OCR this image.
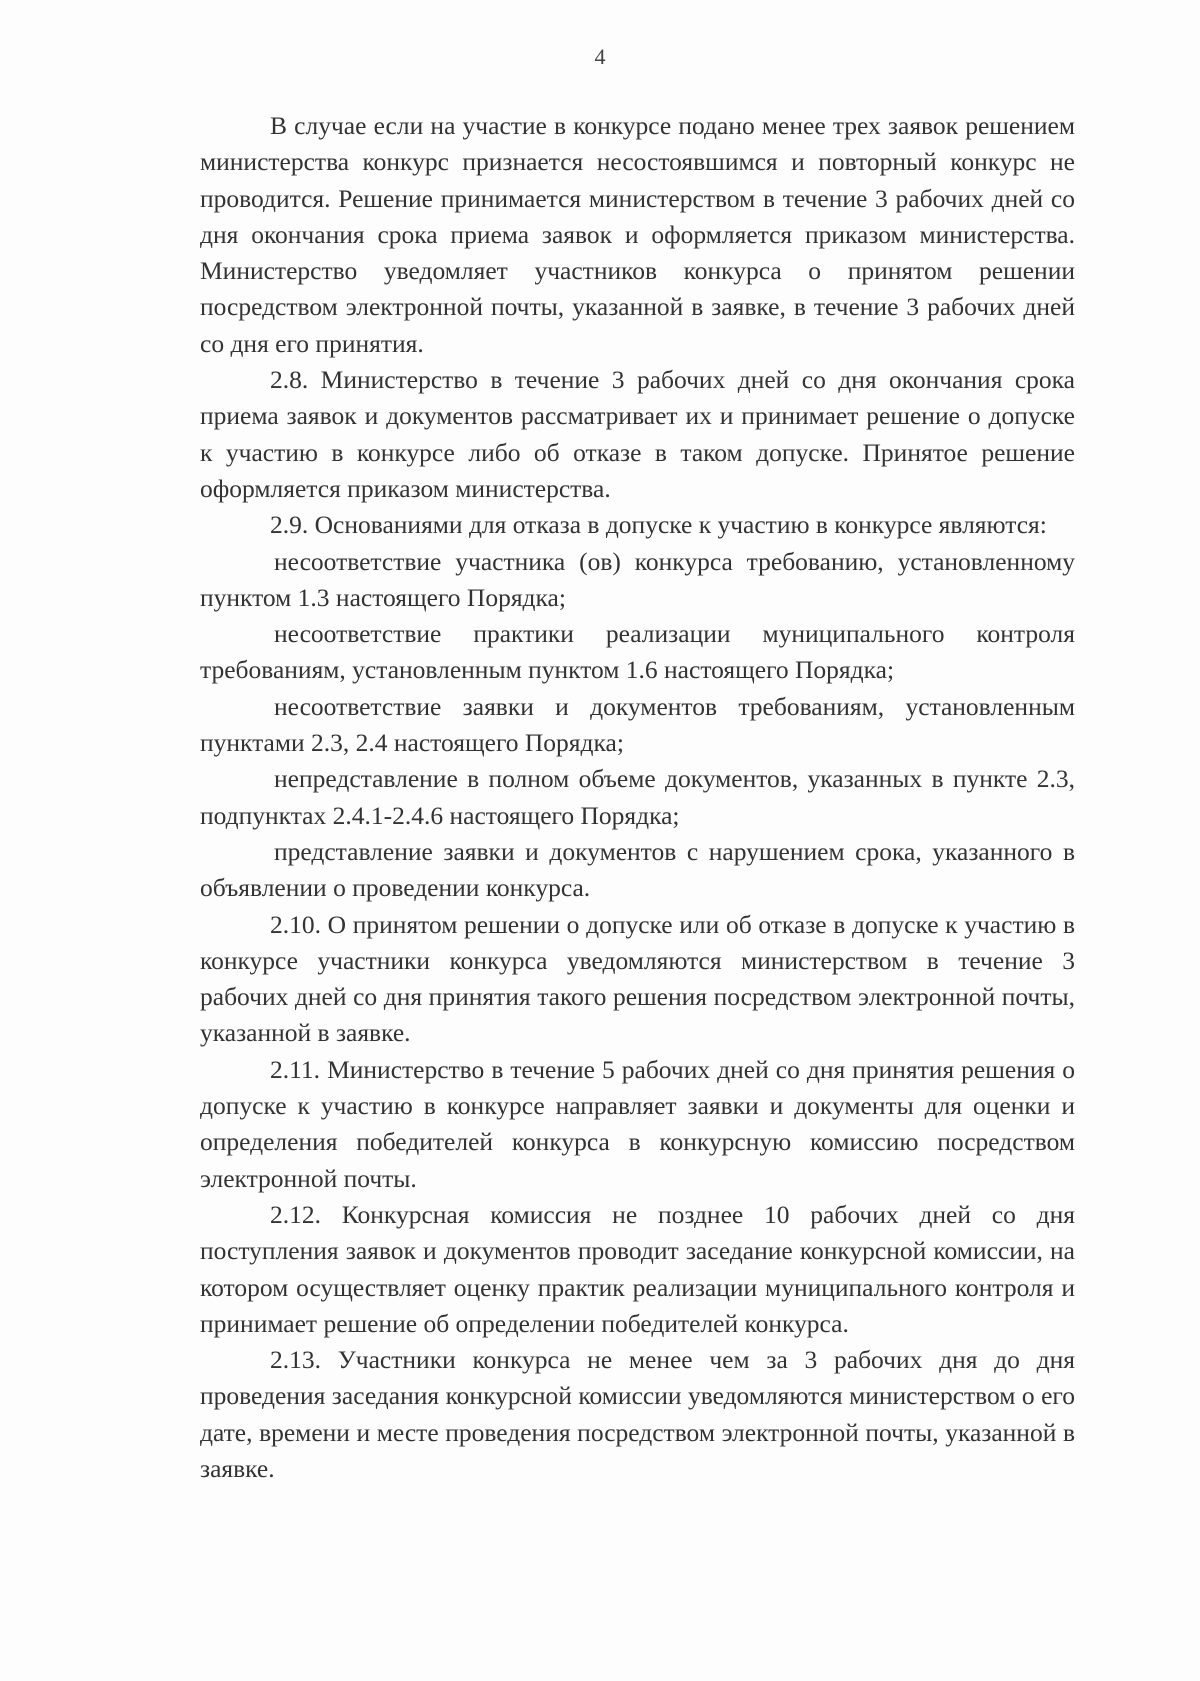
4

В случае если на участие в конкурсе подано менее трех заявок решением министерства конкурс признается несостоявшимся и повторный конкурс не проводится. Решение принимается министерством в течение 3 рабочих дней со дня окончания срока приема заявок и оформляется приказом министерства. Министерство уведомляет участников конкурса о принятом решении посредством электронной почты, указанной в заявке, в течение 3 рабочих дней со дня его принятия.

2.8. Министерство в течение 3 рабочих дней со дня окончания срока приема заявок и документов рассматривает их и принимает решение о допуске к участию в конкурсе либо об отказе в таком допуске. Принятое решение оформляется приказом министерства.

2.9. Основаниями для отказа в допуске к участию в конкурсе являются:

несоответствие участника (ов) конкурса требованию, установленному пунктом 1.3 настоящего Порядка;

несоответствие практики реализации муниципального контроля требованиям, установленным пунктом 1.6 настоящего Порядка;

несоответствие заявки и документов требованиям, установленным пунктами 2.3, 2.4 настоящего Порядка;

непредставление в полном объеме документов, указанных в пункте 2.3, подпунктах 2.4.1-2.4.6 настоящего Порядка;

представление заявки и документов с нарушением срока, указанного в объявлении о проведении конкурса.

2.10. О принятом решении о допуске или об отказе в допуске к участию в конкурсе участники конкурса уведомляются министерством в течение 3 рабочих дней со дня принятия такого решения посредством электронной почты, указанной в заявке.

2.11. Министерство в течение 5 рабочих дней со дня принятия решения о допуске к участию в конкурсе направляет заявки и документы для оценки и определения победителей конкурса в конкурсную комиссию посредством электронной почты.

2.12. Конкурсная комиссия не позднее 10 рабочих дней со дня поступления заявок и документов проводит заседание конкурсной комиссии, на котором осуществляет оценку практик реализации муниципального контроля и принимает решение об определении победителей конкурса.

2.13. Участники конкурса не менее чем за 3 рабочих дня до дня проведения заседания конкурсной комиссии уведомляются министерством о его дате, времени и месте проведения посредством электронной почты, указанной в заявке.
